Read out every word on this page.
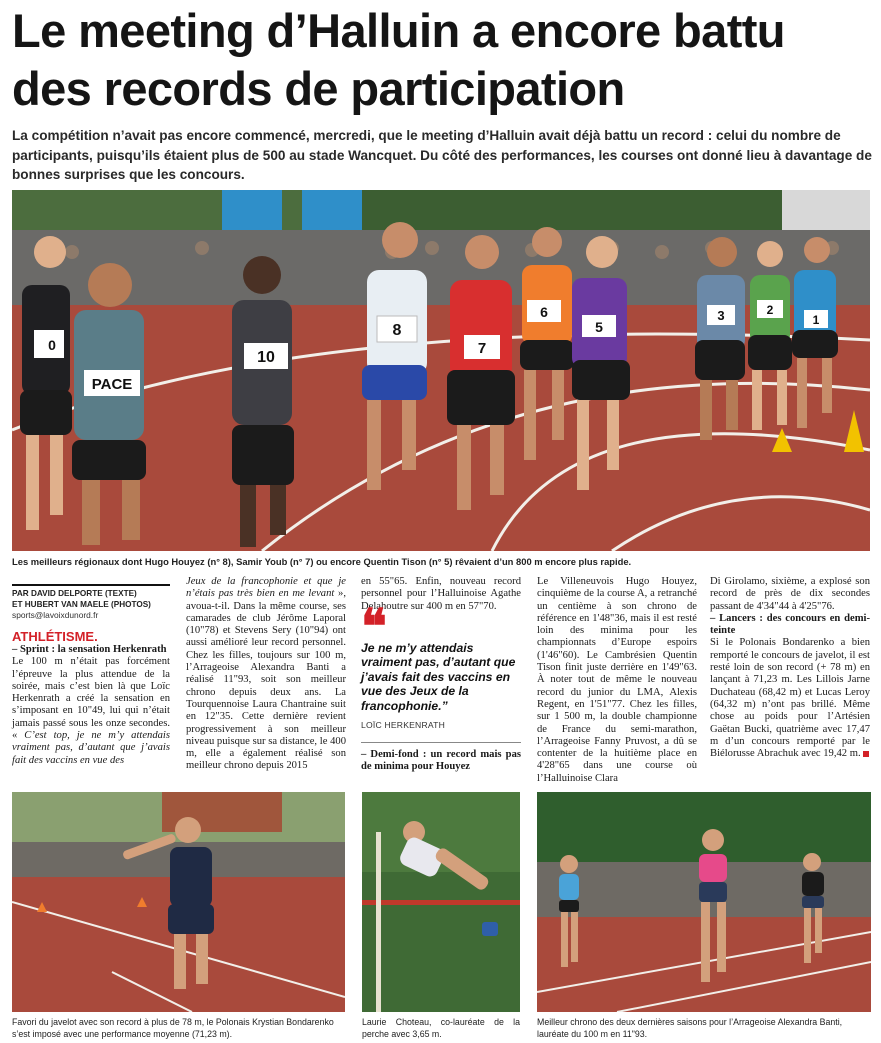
Le meeting d’Halluin a encore battu
des records de participation

La compétition n’avait pas encore commencé, mercredi, que le meeting d’Halluin avait déjà battu un record : celui du nombre de participants, puisqu’ils étaient plus de 500 au stade Wancquet. Du côté des performances, les courses ont donné lieu à davantage de bonnes surprises que les concours.

PACE
10
8
7
6
5
3	2
1
0
Les meilleurs régionaux dont Hugo Houyez (n° 8), Samir Youb (n° 7) ou encore Quentin Tison (n° 5) rêvaient d’un 800 m encore plus rapide.
PAR DAVID DELPORTE (TEXTE)
ET HUBERT VAN MAELE (PHOTOS)
sports@lavoixdunord.fr
ATHLÉTISME.

– Sprint : la sensation Herkenrath
Le 100 m n’était pas forcément l’épreuve la plus attendue de la soirée, mais c’est bien là que Loïc Herkenrath a créé la sensation en s’imposant en 10"49, lui qui n’était jamais passé sous les onze secondes. « C’est top, je ne m’y attendais vraiment pas, d’autant que j’avais fait des vaccins en vue des

Jeux de la francophonie et que je n’étais pas très bien en me levant », avoua-t-il. Dans la même course, ses camarades de club Jérôme Laporal (10"78) et Stevens Sery (10"94) ont aussi amélioré leur record personnel. Chez les filles, toujours sur 100 m, l’Arrageoise Alexandra Banti a réalisé 11"93, soit son meilleur chrono depuis deux ans. La Tourquennoise Laura Chantraine suit en 12"35. Cette dernière revient progressivement à son meilleur niveau puisque sur sa distance, le 400 m, elle a également réalisé son meilleur chrono depuis 2015

en 55"65. Enfin, nouveau record personnel pour l’Halluinoise Agathe Delahoutre sur 400 m en 57"70.

❝
Je ne m’y attendais vraiment pas, d’autant que j’avais fait des vaccins en vue des Jeux de la francophonie.”
LOÏC HERKENRATH

– Demi-fond : un record mais pas de minima pour Houyez

Le Villeneuvois Hugo Houyez, cinquième de la course A, a retranché un centième à son chrono de référence en 1'48"36, mais il est resté loin des minima pour les championnats d’Europe espoirs (1'46"60). Le Cambrésien Quentin Tison finit juste derrière en 1'49"63. À noter tout de même le nouveau record du junior du LMA, Alexis Regent, en 1'51"77. Chez les filles, sur 1 500 m, la double championne de France du semi-marathon, l’Arrageoise Fanny Pruvost, a dû se contenter de la huitième place en 4'28"65 dans une course où l’Halluinoise Clara

Di Girolamo, sixième, a explosé son record de près de dix secondes passant de 4'34"44 à 4'25"76.

– Lancers : des concours en demi-teinte

Si le Polonais Bondarenko a bien remporté le concours de javelot, il est resté loin de son record (+ 78 m) en lançant à 71,23 m. Les Lillois Jarne Duchateau (68,42 m) et Lucas Leroy (64,32 m) n’ont pas brillé. Même chose au poids pour l’Artésien Gaëtan Bucki, quatrième avec 17,47 m d’un concours remporté par le Biélorusse Abrachuk avec 19,42 m.

Favori du javelot avec son record à plus de 78 m, le Polonais Krystian Bondarenko s’est imposé avec une performance moyenne (71,23 m).
Laurie Choteau, co-lauréate de la perche avec 3,65 m.
Meilleur chrono des deux dernières saisons pour l’Arrageoise Alexandra Banti, lauréate du 100 m en 11"93.
